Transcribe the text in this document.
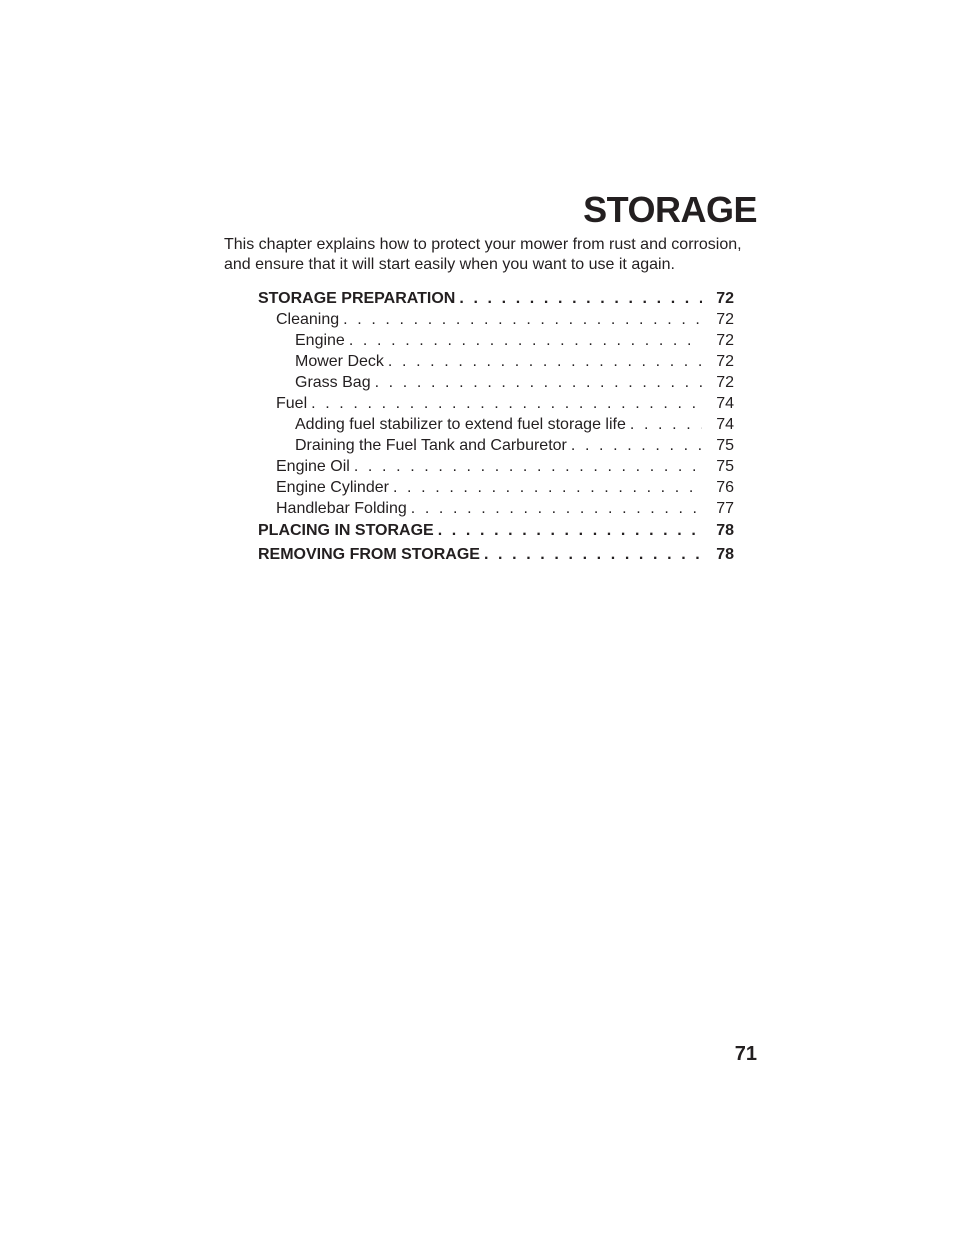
STORAGE

This chapter explains how to protect your mower from rust and corrosion, and ensure that it will start easily when you want to use it again.

STORAGE PREPARATION . . .	72
Cleaning . . .	72
Engine . . .	72
Mower Deck . . .	72
Grass Bag . . .	72
Fuel . . .	74
Adding fuel stabilizer to extend fuel storage life . . .	74
Draining the Fuel Tank and Carburetor . . .	75
Engine Oil . . .	75
Engine Cylinder . . .	76
Handlebar Folding . . .	77
PLACING IN STORAGE . . .	78
REMOVING FROM STORAGE . . .	78
71
